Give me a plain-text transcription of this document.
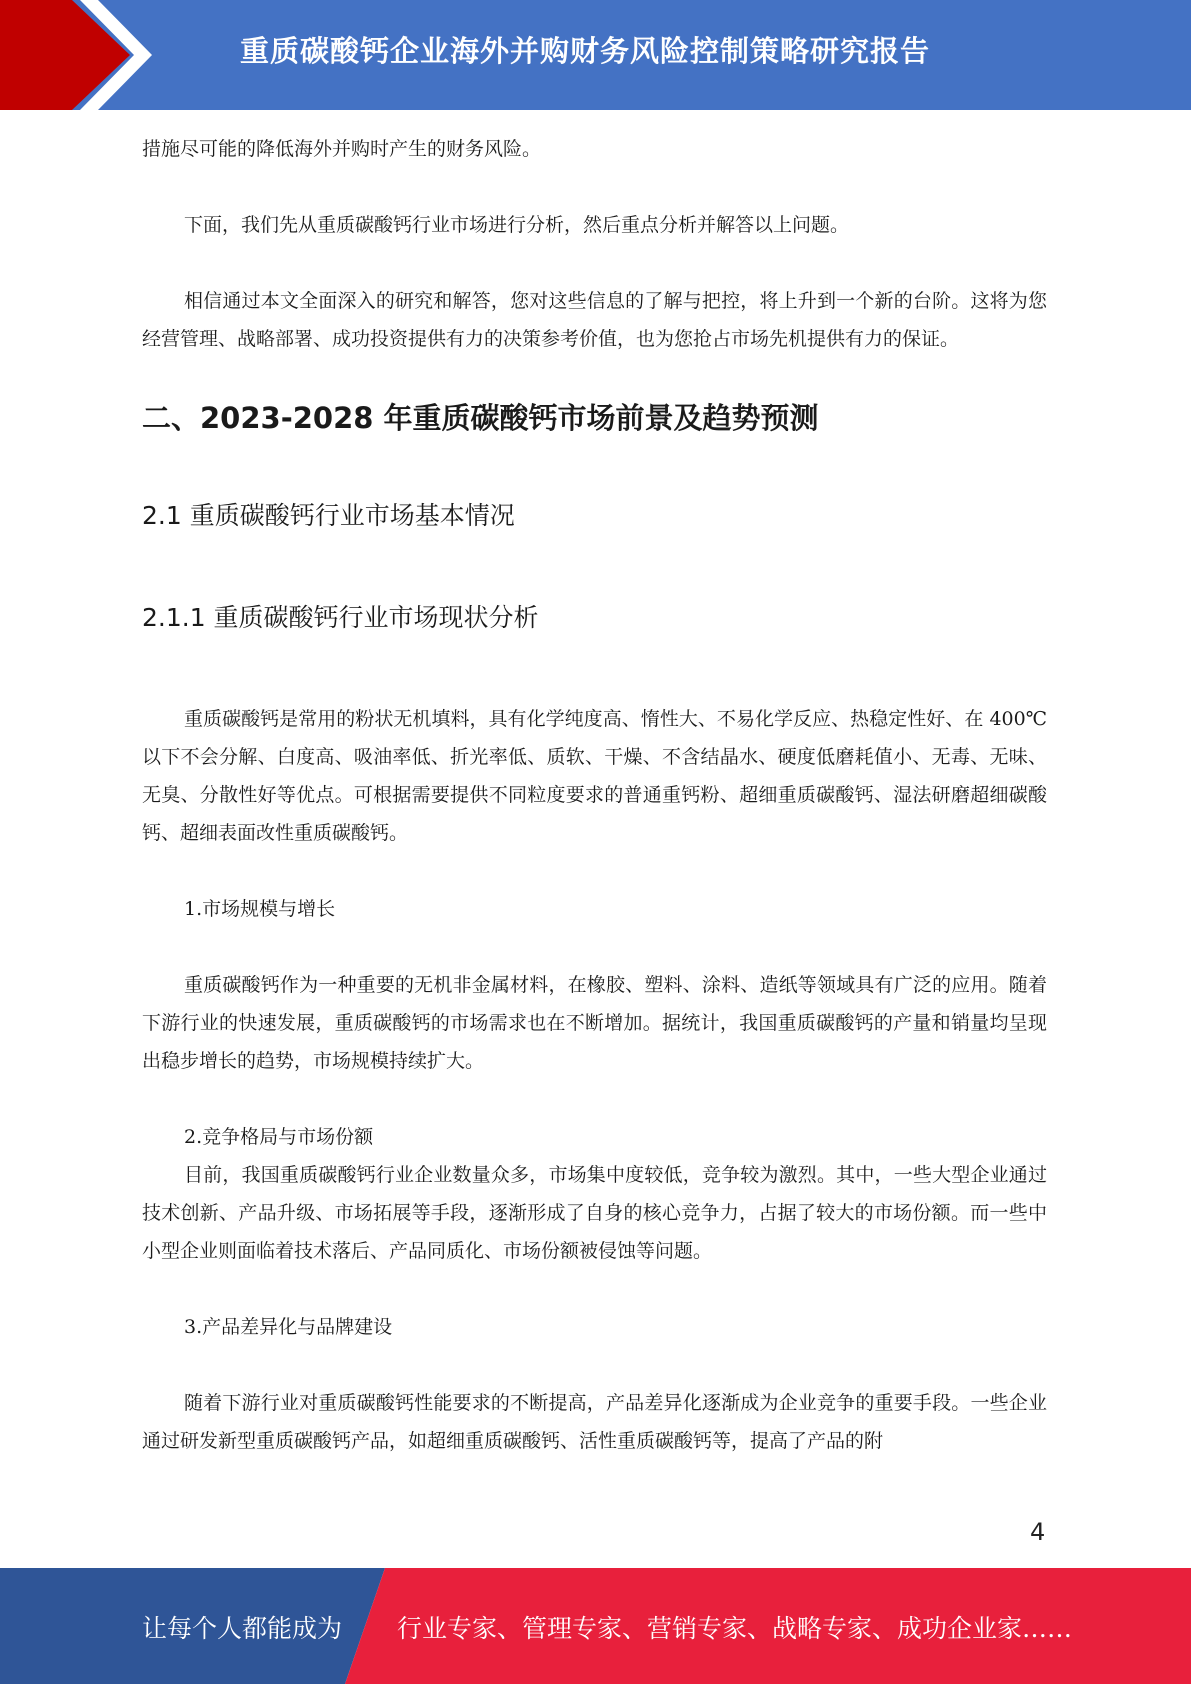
重质碳酸钙企业海外并购财务风险控制策略研究报告

措施尽可能的降低海外并购时产生的财务风险。

下面，我们先从重质碳酸钙行业市场进行分析，然后重点分析并解答以上问题。

相信通过本文全面深入的研究和解答，您对这些信息的了解与把控，将上升到一个新的台阶。这将为您经营管理、战略部署、成功投资提供有力的决策参考价值，也为您抢占市场先机提供有力的保证。

二、2023-2028 年重质碳酸钙市场前景及趋势预测
2.1 重质碳酸钙行业市场基本情况
2.1.1 重质碳酸钙行业市场现状分析

重质碳酸钙是常用的粉状无机填料，具有化学纯度高、惰性大、不易化学反应、热稳定性好、在 400℃以下不会分解、白度高、吸油率低、折光率低、质软、干燥、不含结晶水、硬度低磨耗值小、无毒、无味、无臭、分散性好等优点。可根据需要提供不同粒度要求的普通重钙粉、超细重质碳酸钙、湿法研磨超细碳酸钙、超细表面改性重质碳酸钙。

1.市场规模与增长

重质碳酸钙作为一种重要的无机非金属材料，在橡胶、塑料、涂料、造纸等领域具有广泛的应用。随着下游行业的快速发展，重质碳酸钙的市场需求也在不断增加。据统计，我国重质碳酸钙的产量和销量均呈现出稳步增长的趋势，市场规模持续扩大。

2.竞争格局与市场份额

目前，我国重质碳酸钙行业企业数量众多，市场集中度较低，竞争较为激烈。其中，一些大型企业通过技术创新、产品升级、市场拓展等手段，逐渐形成了自身的核心竞争力，占据了较大的市场份额。而一些中小型企业则面临着技术落后、产品同质化、市场份额被侵蚀等问题。

3.产品差异化与品牌建设

随着下游行业对重质碳酸钙性能要求的不断提高，产品差异化逐渐成为企业竞争的重要手段。一些企业通过研发新型重质碳酸钙产品，如超细重质碳酸钙、活性重质碳酸钙等，提高了产品的附

4
让每个人都能成为 行业专家、管理专家、营销专家、战略专家、成功企业家……
